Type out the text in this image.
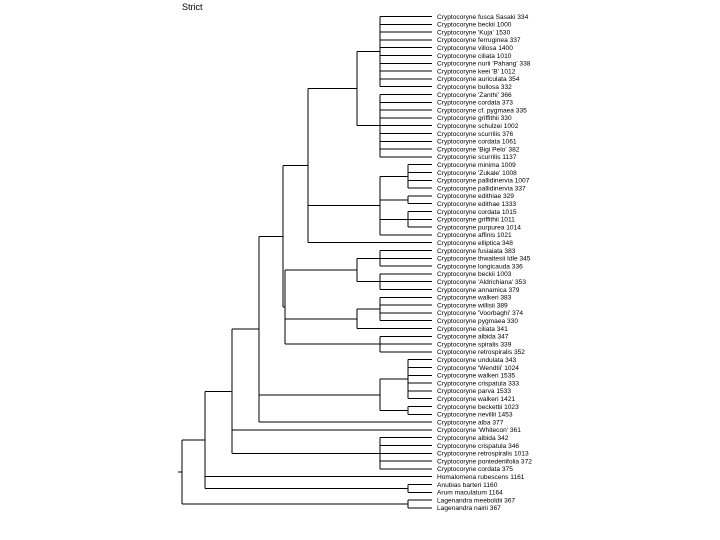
Strict
Cryptocoryne fusca Sasaki 334
Cryptocoryne beckii 1000
Cryptocoryne 'Kuja' 1530
Cryptocoryne ferruginea 337
Cryptocoryne villosa 1400
Cryptocoryne ciliata 1010
Cryptocoryne nurii 'Pahang' 338
Cryptocoryne keei 'B' 1012
Cryptocoryne auriculata 354
Cryptocoryne bullosa 332
Cryptocoryne 'Zanthi' 366
Cryptocoryne cordata 373
Cryptocoryne cf. pygmaea 335
Cryptocoryne griffithii 330
Cryptocoryne schulzei 1002
Cryptocoryne scurrilis 376
Cryptocoryne cordata 1061
Cryptocoryne 'Bigi Pelo' 382
Cryptocoryne scurrilis 1137
Cryptocoryne minima 1009
Cryptocoryne 'Zukale' 1008
Cryptocoryne pallidinervia 1007
Cryptocoryne pallidinervia 337
Cryptocoryne edithiae 329
Cryptocoryne edithae 1333
Cryptocoryne cordata 1015
Cryptocoryne griffithii 1011
Cryptocoryne purpurea 1014
Cryptocoryne affinis 1021
Cryptocoryne elliptica 348
Cryptocoryne fusiaiata 383
Cryptocoryne thwaitesii Idle 345
Cryptocoryne longicauda 336
Cryptocoryne beckii 1003
Cryptocoryne 'Aldrichiana' 353
Cryptocoryne annamica 379
Cryptocoryne walkeri 383
Cryptocoryne willisii 389
Cryptocoryne 'Voorbaghi' 374
Cryptocoryne pygmaea 330
Cryptocoryne ciliata 341
Cryptocoryne albida 347
Cryptocoryne spiralis 339
Cryptocoryne retrospiralis 352
Cryptocoryne undulata 343
Cryptocoryne 'Wendtii' 1024
Cryptocoryne walkeri 1535
Cryptocoryne crispatula 333
Cryptocoryne parva 1533
Cryptocoryne walkeri 1421
Cryptocoryne beckettii 1023
Cryptocoryne nevillii 1453
Cryptocoryne alba 377
Cryptocoryne 'Whitecon' 361
Cryptocoryne albida 342
Cryptocoryne crispatula 346
Cryptocoryne retrospiralis 1013
Cryptocoryne pontederiifolia 372
Cryptocoryne cordata 375
Homalomena rubescens 1161
Anubias barteri 1160
Arum maculatum 1164
Lagenandra meeboldii 367
Lagenandra nairii 367
